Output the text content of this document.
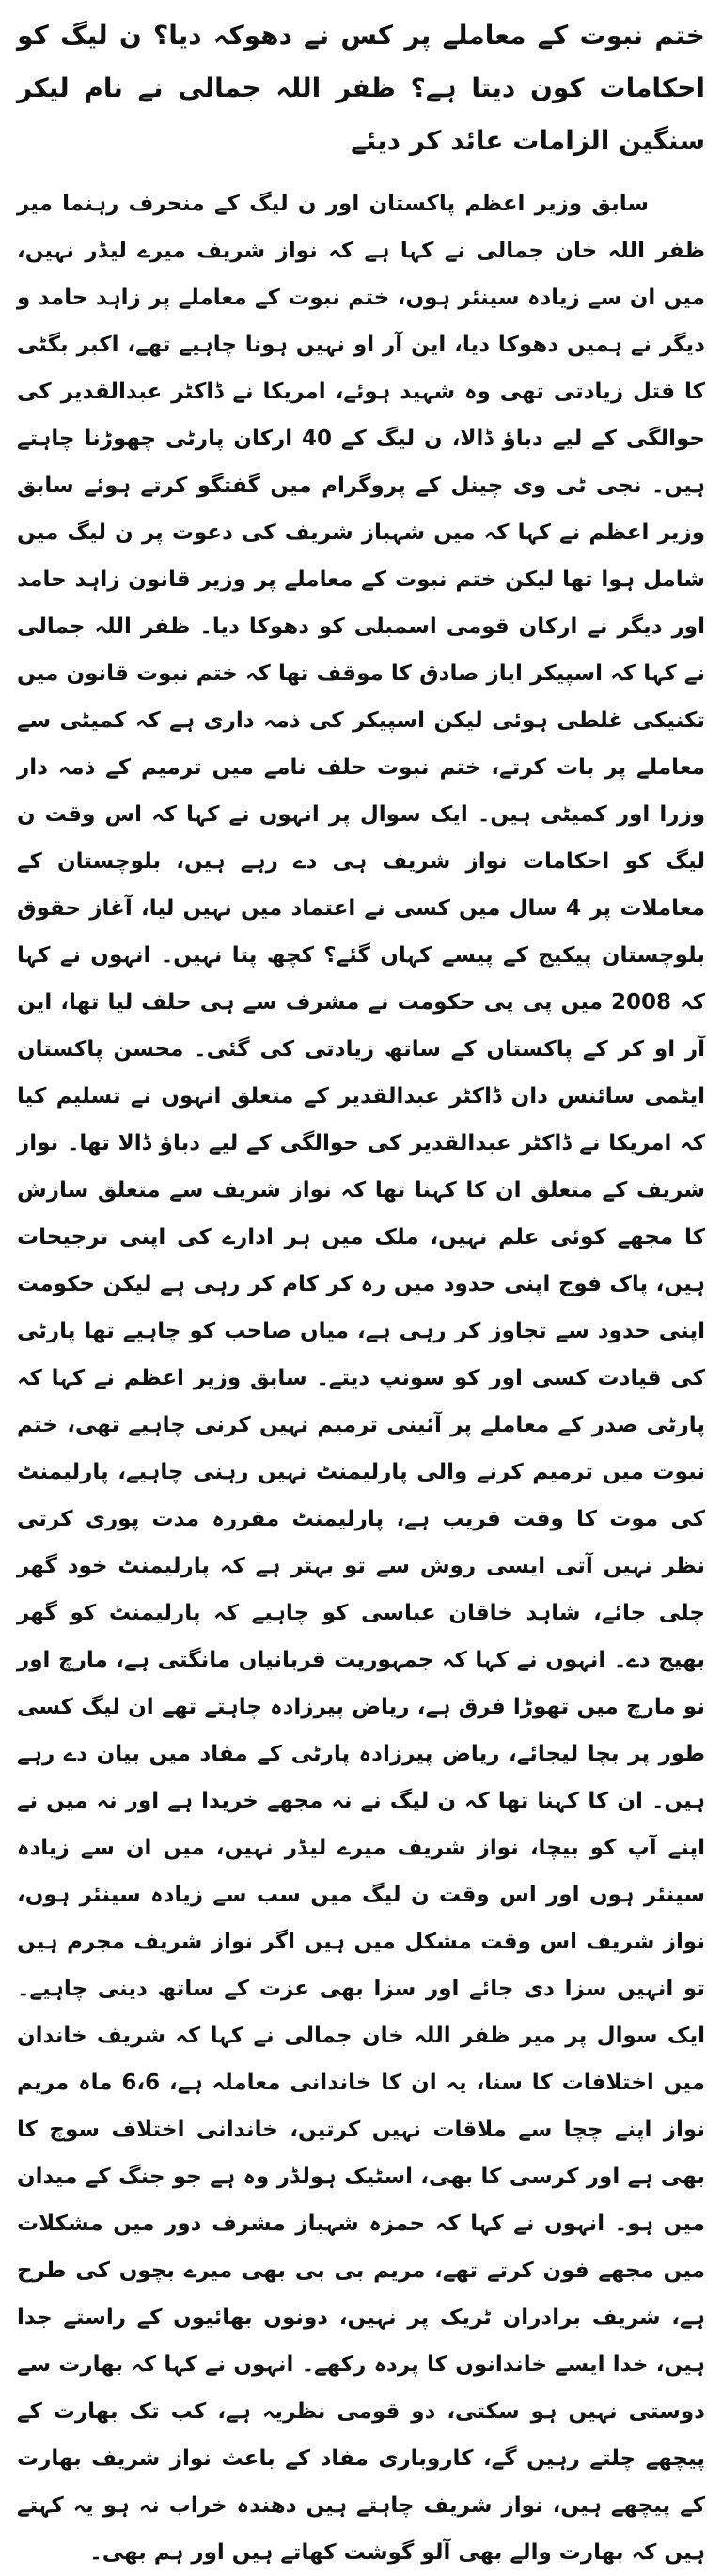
ختم نبوت کے معاملے پر کس نے دھوکہ دیا؟ ن لیگ کو احکامات کون دیتا ہے؟ ظفر اللہ جمالی نے نام لیکر سنگین الزامات عائد کر دیئے

سابق وزیر اعظم پاکستان اور ن لیگ کے منحرف رہنما میر ظفر اللہ خان جمالی نے کہا ہے کہ نواز شریف میرے لیڈر نہیں، میں ان سے زیادہ سینئر ہوں، ختم نبوت کے معاملے پر زاہد حامد و دیگر نے ہمیں دھوکا دیا، این آر او نہیں ہونا چاہیے تھے، اکبر بگٹی کا قتل زیادتی تھی وہ شہید ہوئے، امریکا نے ڈاکٹر عبدالقدیر کی حوالگی کے لیے دباؤ ڈالا، ن لیگ کے 40 ارکان پارٹی چھوڑنا چاہتے ہیں۔ نجی ٹی وی چینل کے پروگرام میں گفتگو کرتے ہوئے سابق وزیر اعظم نے کہا کہ میں شہباز شریف کی دعوت پر ن لیگ میں شامل ہوا تھا لیکن ختم نبوت کے معاملے پر وزیر قانون زاہد حامد اور دیگر نے ارکان قومی اسمبلی کو دھوکا دیا۔ ظفر اللہ جمالی نے کہا کہ اسپیکر ایاز صادق کا موقف تھا کہ ختم نبوت قانون میں تکنیکی غلطی ہوئی لیکن اسپیکر کی ذمہ داری ہے کہ کمیٹی سے معاملے پر بات کرتے، ختم نبوت حلف نامے میں ترمیم کے ذمہ دار وزرا اور کمیٹی ہیں۔ ایک سوال پر انہوں نے کہا کہ اس وقت ن لیگ کو احکامات نواز شریف ہی دے رہے ہیں، بلوچستان کے معاملات پر 4 سال میں کسی نے اعتماد میں نہیں لیا، آغاز حقوق بلوچستان پیکیج کے پیسے کہاں گئے؟ کچھ پتا نہیں۔ انہوں نے کہا کہ 2008 میں پی پی حکومت نے مشرف سے ہی حلف لیا تھا، این آر او کر کے پاکستان کے ساتھ زیادتی کی گئی۔ محسن پاکستان ایٹمی سائنس دان ڈاکٹر عبدالقدیر کے متعلق انہوں نے تسلیم کیا کہ امریکا نے ڈاکٹر عبدالقدیر کی حوالگی کے لیے دباؤ ڈالا تھا۔ نواز شریف کے متعلق ان کا کہنا تھا کہ نواز شریف سے متعلق سازش کا مجھے کوئی علم نہیں، ملک میں ہر ادارے کی اپنی ترجیحات ہیں، پاک فوج اپنی حدود میں رہ کر کام کر رہی ہے لیکن حکومت اپنی حدود سے تجاوز کر رہی ہے، میاں صاحب کو چاہیے تھا پارٹی کی قیادت کسی اور کو سونپ دیتے۔ سابق وزیر اعظم نے کہا کہ پارٹی صدر کے معاملے پر آئینی ترمیم نہیں کرنی چاہیے تھی، ختم نبوت میں ترمیم کرنے والی پارلیمنٹ نہیں رہنی چاہیے، پارلیمنٹ کی موت کا وقت قریب ہے، پارلیمنٹ مقررہ مدت پوری کرتی نظر نہیں آتی ایسی روش سے تو بہتر ہے کہ پارلیمنٹ خود گھر چلی جائے، شاہد خاقان عباسی کو چاہیے کہ پارلیمنٹ کو گھر بھیج دے۔ انہوں نے کہا کہ جمہوریت قربانیاں مانگتی ہے، مارچ اور نو مارچ میں تھوڑا فرق ہے، ریاض پیرزادہ چاہتے تھے ان لیگ کسی طور پر بچا لیجائے، ریاض پیرزادہ پارٹی کے مفاد میں بیان دے رہے ہیں۔ ان کا کہنا تھا کہ ن لیگ نے نہ مجھے خریدا ہے اور نہ میں نے اپنے آپ کو بیچا، نواز شریف میرے لیڈر نہیں، میں ان سے زیادہ سینئر ہوں اور اس وقت ن لیگ میں سب سے زیادہ سینئر ہوں، نواز شریف اس وقت مشکل میں ہیں اگر نواز شریف مجرم ہیں تو انہیں سزا دی جائے اور سزا بھی عزت کے ساتھ دینی چاہیے۔ ایک سوال پر میر ظفر اللہ خان جمالی نے کہا کہ شریف خاندان میں اختلافات کا سنا، یہ ان کا خاندانی معاملہ ہے، 6،6 ماہ مریم نواز اپنے چچا سے ملاقات نہیں کرتیں، خاندانی اختلاف سوچ کا بھی ہے اور کرسی کا بھی، اسٹیک ہولڈر وہ ہے جو جنگ کے میدان میں ہو۔ انہوں نے کہا کہ حمزہ شہباز مشرف دور میں مشکلات میں مجھے فون کرتے تھے، مریم بی بی بھی میرے بچوں کی طرح ہے، شریف برادران ٹریک پر نہیں، دونوں بھائیوں کے راستے جدا ہیں، خدا ایسے خاندانوں کا پردہ رکھے۔ انہوں نے کہا کہ بھارت سے دوستی نہیں ہو سکتی، دو قومی نظریہ ہے، کب تک بھارت کے پیچھے چلتے رہیں گے، کاروباری مفاد کے باعث نواز شریف بھارت کے پیچھے ہیں، نواز شریف چاہتے ہیں دھندہ خراب نہ ہو یہ کہتے ہیں کہ بھارت والے بھی آلو گوشت کھاتے ہیں اور ہم بھی۔
